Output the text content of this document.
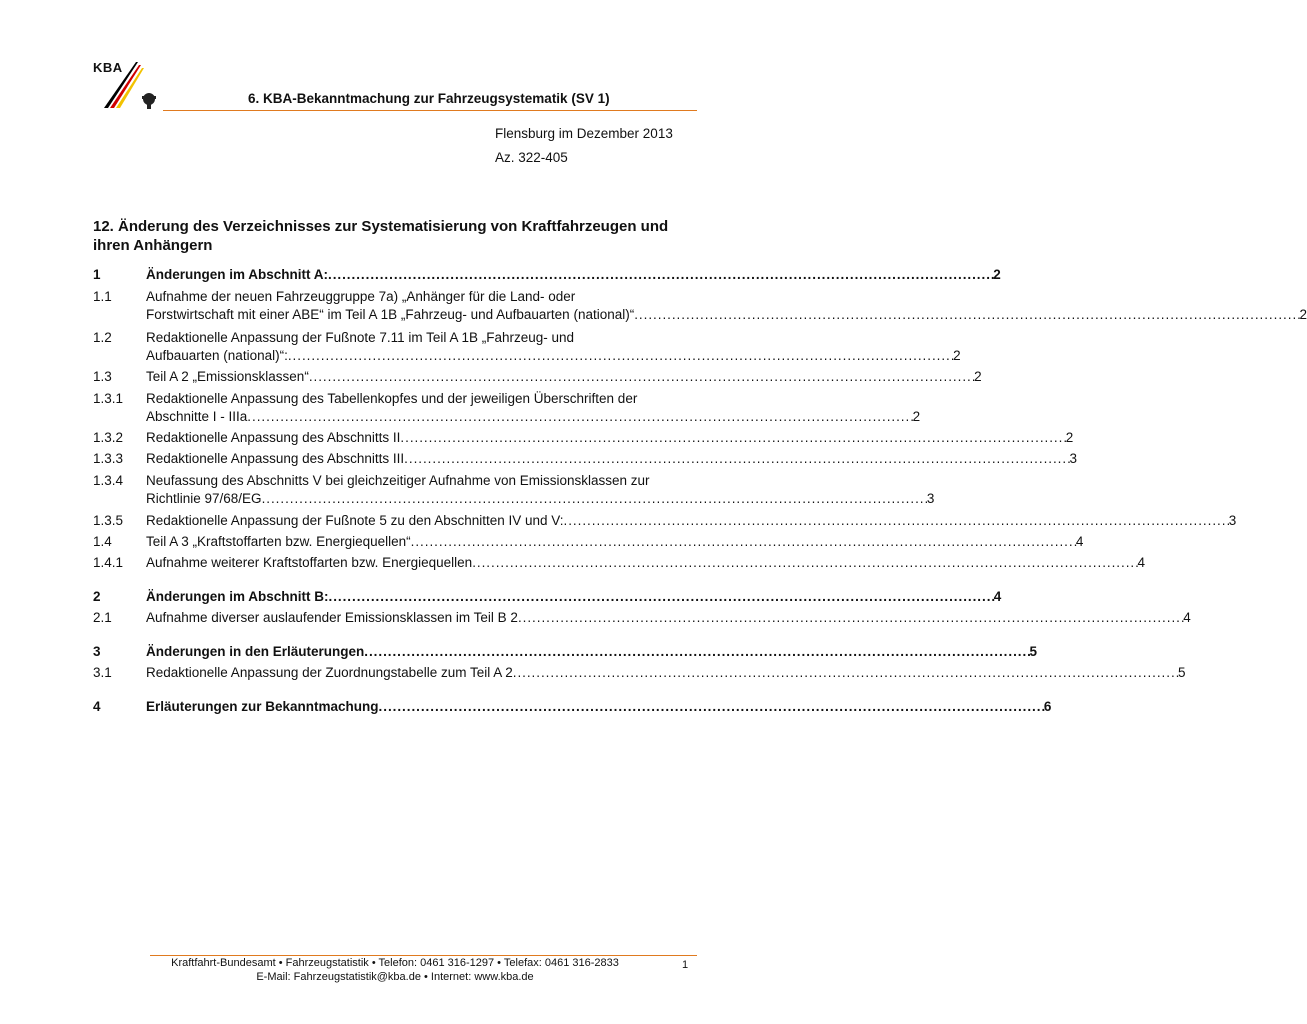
KBA
6. KBA-Bekanntmachung zur Fahrzeugsystematik (SV 1)
Flensburg im Dezember 2013
Az. 322-405
12. Änderung des Verzeichnisses zur Systematisierung von Kraftfahrzeugen und ihren Anhängern
1	Änderungen im Abschnitt A: . . .	2
1.1	Aufnahme der neuen Fahrzeuggruppe 7a) „Anhänger für die Land- oder
Forstwirtschaft mit einer ABE“ im Teil A 1B „Fahrzeug- und Aufbauarten (national)“ . . .	2
1.2	Redaktionelle Anpassung der Fußnote 7.11 im Teil A 1B „Fahrzeug- und
Aufbauarten (national)“: . . .	2
1.3	Teil A 2 „Emissionsklassen“ . . .	2
1.3.1	Redaktionelle Anpassung des Tabellenkopfes und der jeweiligen Überschriften der
Abschnitte I - IIIa . . .	2
1.3.2	Redaktionelle Anpassung des Abschnitts II . . .	2
1.3.3	Redaktionelle Anpassung des Abschnitts III . . .	3
1.3.4	Neufassung des Abschnitts V bei gleichzeitiger Aufnahme von Emissionsklassen zur
Richtlinie 97/68/EG . . .	3
1.3.5	Redaktionelle Anpassung der Fußnote 5 zu den Abschnitten IV und V: . . .	3
1.4	Teil A 3 „Kraftstoffarten bzw. Energiequellen“ . . .	4
1.4.1	Aufnahme weiterer Kraftstoffarten bzw. Energiequellen . . .	4
2	Änderungen im Abschnitt B: . . .	4
2.1	Aufnahme diverser auslaufender Emissionsklassen im Teil B 2 . . .	4
3	Änderungen in den Erläuterungen . . .	5
3.1	Redaktionelle Anpassung der Zuordnungstabelle zum Teil A 2 . . .	5
4	Erläuterungen zur Bekanntmachung . . .	6
Kraftfahrt-Bundesamt • Fahrzeugstatistik • Telefon: 0461 316-1297 • Telefax: 0461 316-2833
E-Mail: Fahrzeugstatistik@kba.de • Internet: www.kba.de
1
